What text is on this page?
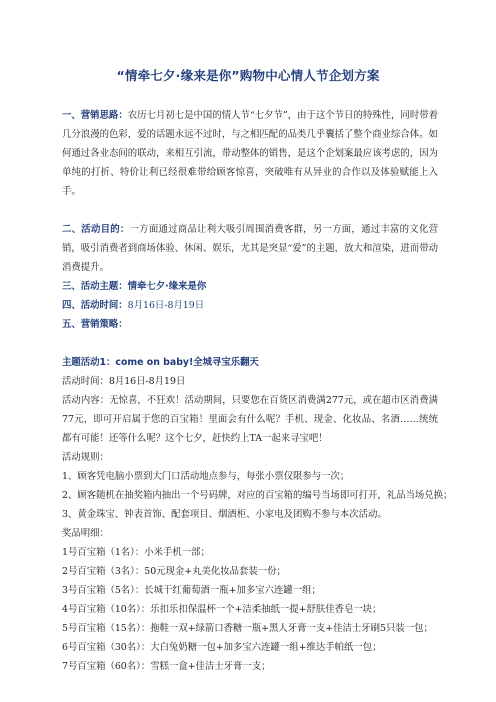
“情牵七夕·缘来是你”购物中心情人节企划方案
一、营销思路：农历七月初七是中国的情人节“七夕节”，由于这个节日的特殊性，同时带着几分浪漫的色彩，爱的话题永远不过时，与之相匹配的品类几乎囊括了整个商业综合体。如何通过各业态间的联动，来相互引流，带动整体的销售，是这个企划案最应该考虑的，因为单纯的打折、特价让利已经很难带给顾客惊喜，突破唯有从异业的合作以及体验赋能上入手。
二、活动目的：一方面通过商品让利大吸引周围消费客群，另一方面，通过丰富的文化营销，吸引消费者到商场体验、休闲、娱乐，尤其是突显“爱”的主题，放大和渲染，进而带动消费提升。
三、活动主题：情牵七夕·缘来是你
四、活动时间：8月16日-8月19日
五、营销策略：
主题活动1：come on baby!全城寻宝乐翻天
活动时间：8月16日-8月19日
活动内容：无惊喜，不狂欢！活动期间，只要您在百货区消费满277元，或在超市区消费满77元，即可开启属于您的百宝箱！里面会有什么呢？手机、现金、化妆品、名酒……统统都有可能！还等什么呢？这个七夕，赶快约上TA一起来寻宝吧！
活动规则：
1、顾客凭电脑小票到大门口活动地点参与，每张小票仅限参与一次；
2、顾客随机在抽奖箱内抽出一个号码牌，对应的百宝箱的编号当场即可打开，礼品当场兑换；
3、黄金珠宝、钟表首饰、配套项目、烟酒柜、小家电及团购不参与本次活动。
奖品明细：
1号百宝箱（1名）：小米手机一部；
2号百宝箱（3名）：50元现金+丸美化妆品套装一份；
3号百宝箱（5名）：长城干红葡萄酒一瓶+加多宝六连罐一组；
4号百宝箱（10名）：乐扣乐扣保温杯一个+洁柔抽纸一提+舒肤佳香皂一块；
5号百宝箱（15名）：拖鞋一双+绿箭口香糖一瓶+黑人牙膏一支+佳洁士牙刷5只装一包；
6号百宝箱（30名）：大白兔奶糖一包+加多宝六连罐一组+维达手帕纸一包；
7号百宝箱（60名）：雪糕一盒+佳洁士牙膏一支；
